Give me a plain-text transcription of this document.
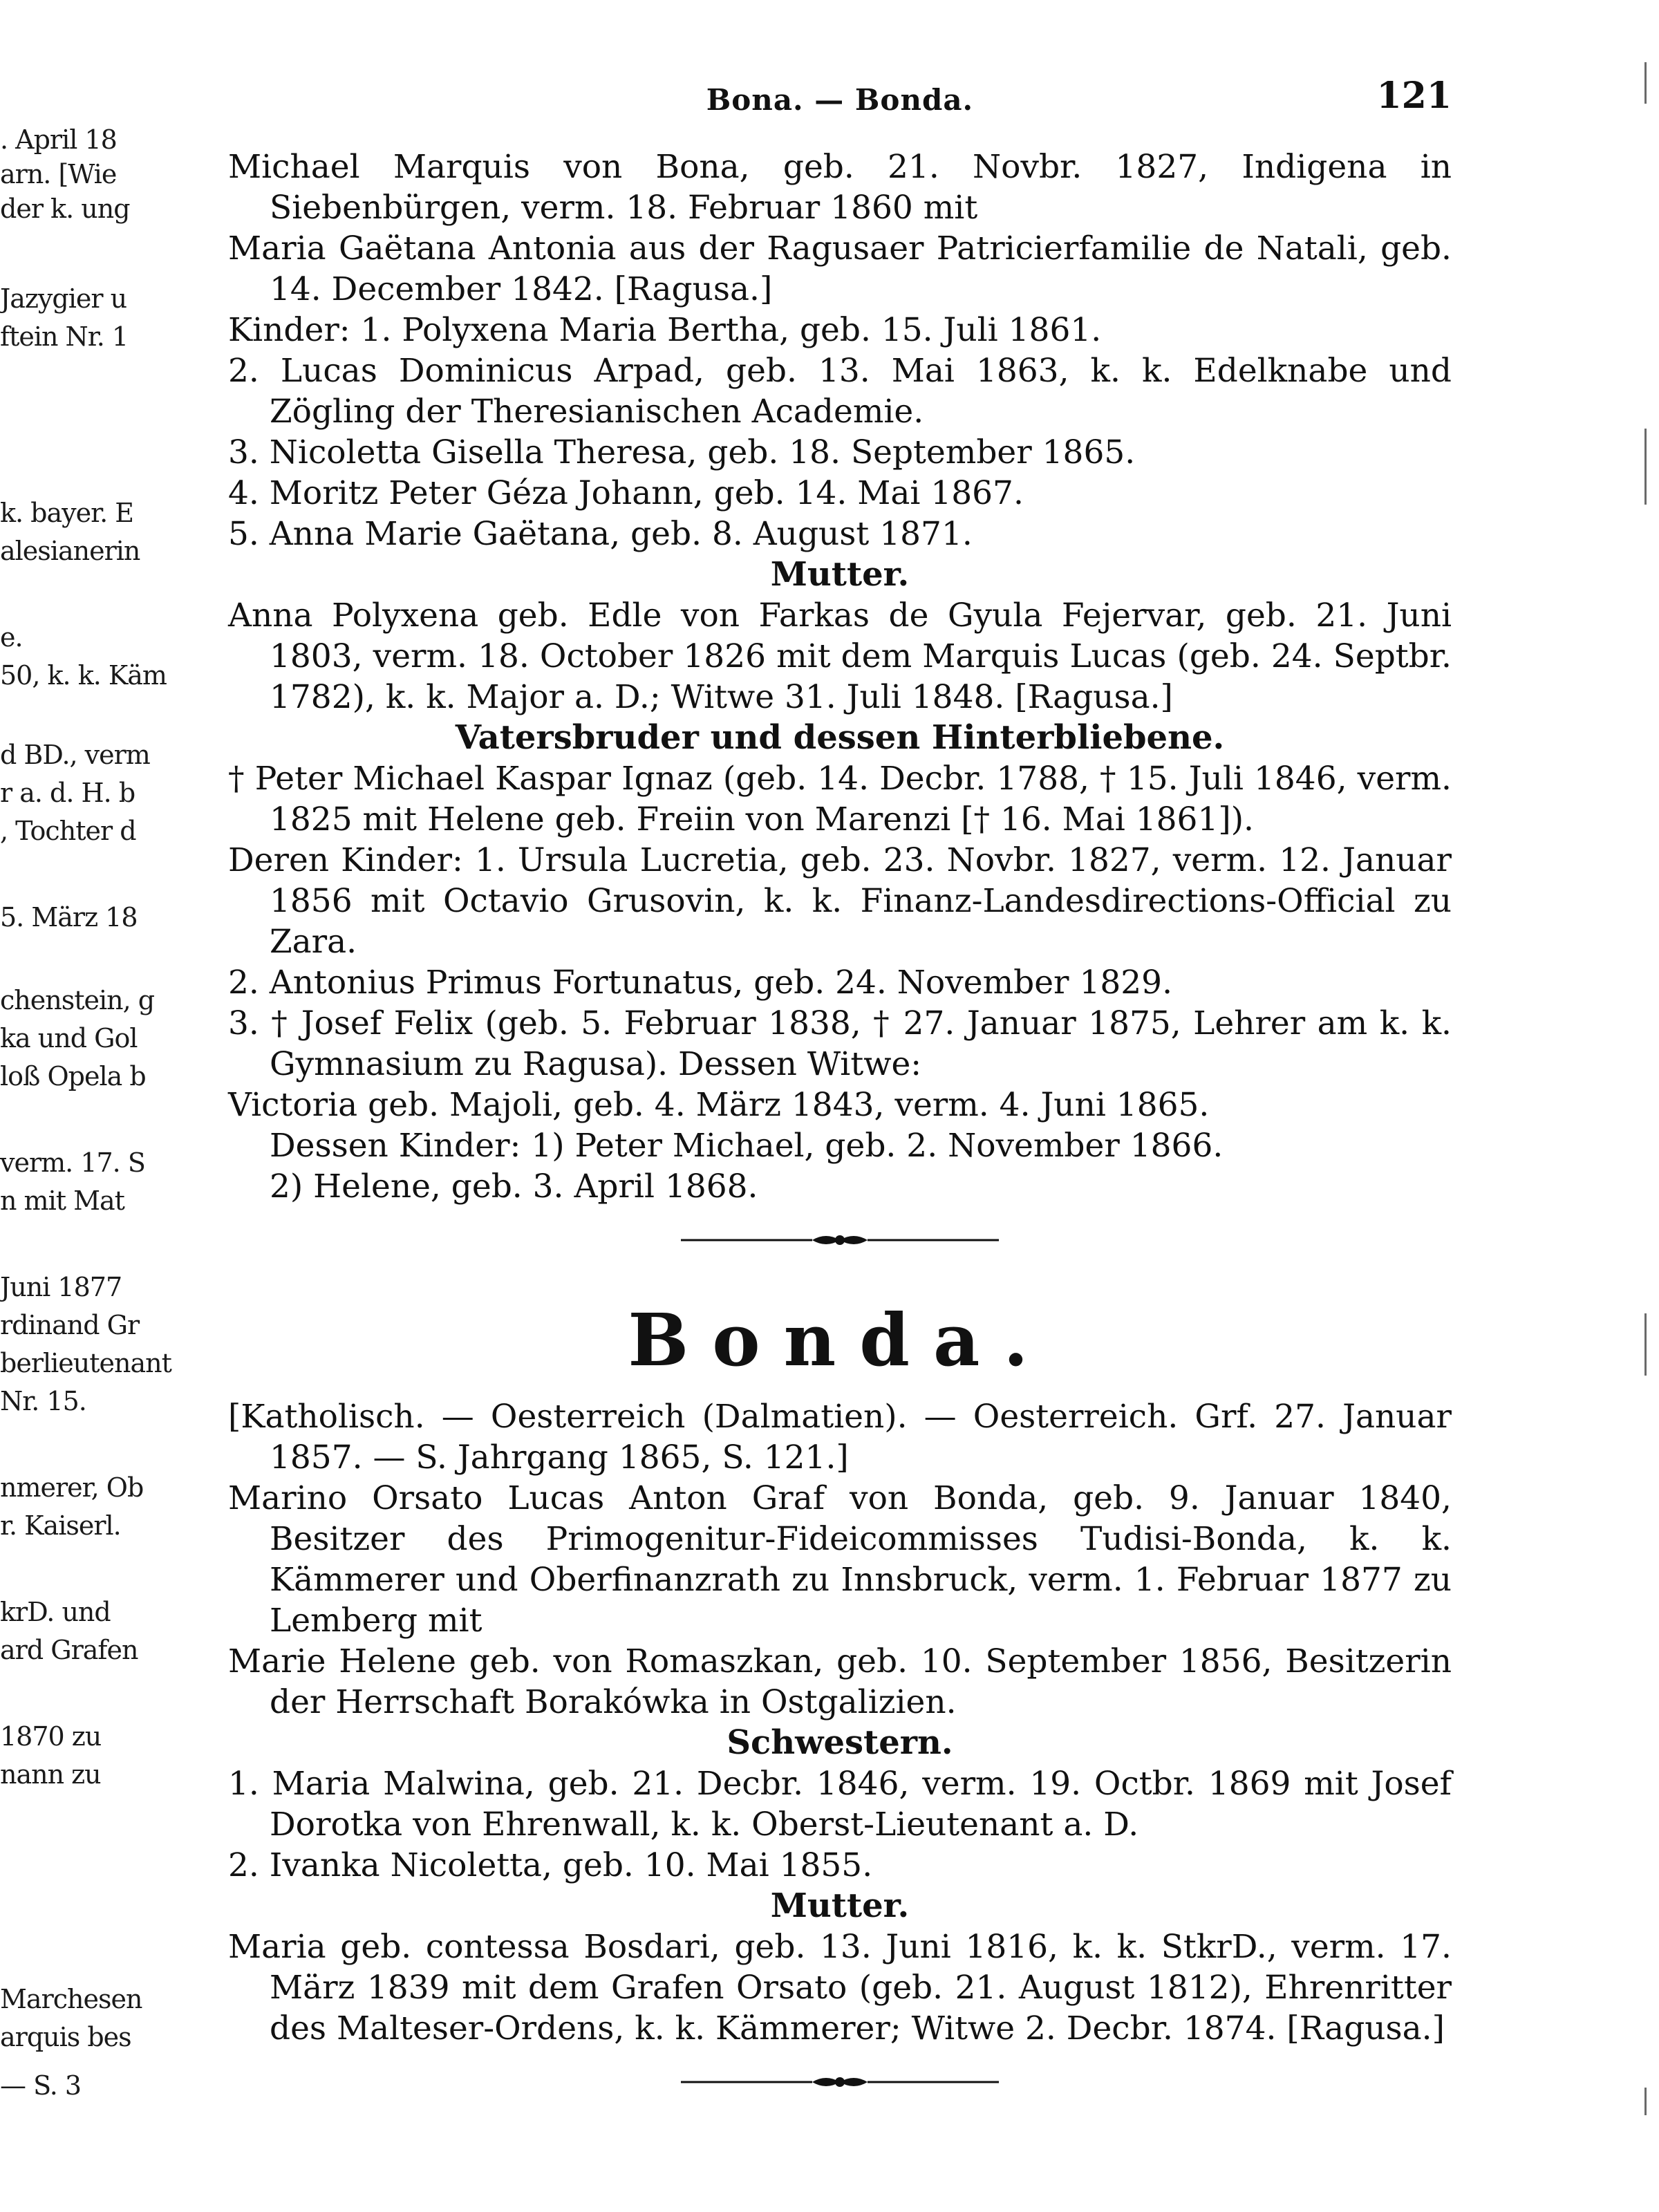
. April 18
arn. [Wie
der k. ung
Jazygier u
ftein Nr. 1
k. bayer. E
alesianerin
e.
50, k. k. Käm
d BD., verm
r a. d. H. b
, Tochter d
5. März 18
chenstein, g
ka und Gol
loß Opela b
verm. 17. S
n mit Mat
Juni 1877
rdinand Gr
berlieutenant
Nr. 15.
nmerer, Ob
r. Kaiserl.
krD. und
ard Grafen
1870 zu
nann zu
Marchesen
arquis bes
— S. 3
Bona. — Bonda.	121

Michael Marquis von Bona, geb. 21. Novbr. 1827, Indigena in Siebenbürgen, verm. 18. Februar 1860 mit

Maria Gaëtana Antonia aus der Ragusaer Patricierfamilie de Natali, geb. 14. December 1842. [Ragusa.]

Kinder: 1. Polyxena Maria Bertha, geb. 15. Juli 1861.

2. Lucas Dominicus Arpad, geb. 13. Mai 1863, k. k. Edelknabe und Zögling der Theresianischen Academie.

3. Nicoletta Gisella Theresa, geb. 18. September 1865.

4. Moritz Peter Géza Johann, geb. 14. Mai 1867.

5. Anna Marie Gaëtana, geb. 8. August 1871.

Mutter.

Anna Polyxena geb. Edle von Farkas de Gyula Fejervar, geb. 21. Juni 1803, verm. 18. October 1826 mit dem Marquis Lucas (geb. 24. Septbr. 1782), k. k. Major a. D.; Witwe 31. Juli 1848. [Ragusa.]

Vatersbruder und dessen Hinterbliebene.

† Peter Michael Kaspar Ignaz (geb. 14. Decbr. 1788, † 15. Juli 1846, verm. 1825 mit Helene geb. Freiin von Marenzi [† 16. Mai 1861]).

Deren Kinder: 1. Ursula Lucretia, geb. 23. Novbr. 1827, verm. 12. Januar 1856 mit Octavio Grusovin, k. k. Finanz-Landesdirections-Official zu Zara.

2. Antonius Primus Fortunatus, geb. 24. November 1829.

3. † Josef Felix (geb. 5. Februar 1838, † 27. Januar 1875, Lehrer am k. k. Gymnasium zu Ragusa). Dessen Witwe:

Victoria geb. Majoli, geb. 4. März 1843, verm. 4. Juni 1865.

Dessen Kinder: 1) Peter Michael, geb. 2. November 1866.

2) Helene, geb. 3. April 1868.

Bonda.

[Katholisch. — Oesterreich (Dalmatien). — Oesterreich. Grf. 27. Januar 1857. — S. Jahrgang 1865, S. 121.]

Marino Orsato Lucas Anton Graf von Bonda, geb. 9. Januar 1840, Besitzer des Primogenitur-Fideicommisses Tudisi-Bonda, k. k. Kämmerer und Oberfinanzrath zu Innsbruck, verm. 1. Februar 1877 zu Lemberg mit

Marie Helene geb. von Romaszkan, geb. 10. September 1856, Besitzerin der Herrschaft Borakówka in Ostgalizien.

Schwestern.

1. Maria Malwina, geb. 21. Decbr. 1846, verm. 19. Octbr. 1869 mit Josef Dorotka von Ehrenwall, k. k. Oberst-Lieutenant a. D.

2. Ivanka Nicoletta, geb. 10. Mai 1855.

Mutter.

Maria geb. contessa Bosdari, geb. 13. Juni 1816, k. k. StkrD., verm. 17. März 1839 mit dem Grafen Orsato (geb. 21. August 1812), Ehrenritter des Malteser-Ordens, k. k. Kämmerer; Witwe 2. Decbr. 1874. [Ragusa.]
